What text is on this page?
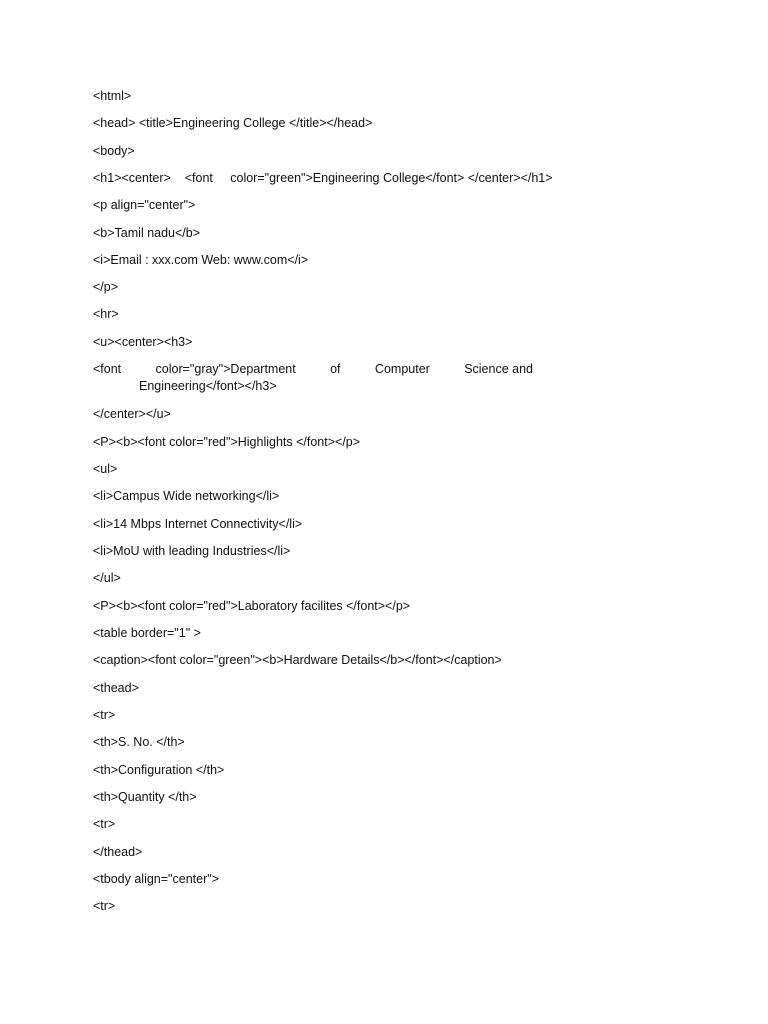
<html>
<head> <title>Engineering College </title></head>
<body>
<h1><center>    <font     color="green">Engineering College</font> </center></h1>
<p align="center">
<b>Tamil nadu</b>
<i>Email : xxx.com Web: www.com</i>
</p>
<hr>
<u><center><h3>
<font	color="gray">Department	of	Computer	Science and
Engineering</font></h3>
</center></u>
<P><b><font color="red">Highlights </font></p>
<ul>
<li>Campus Wide networking</li>
<li>14 Mbps Internet Connectivity</li>
<li>MoU with leading Industries</li>
</ul>
<P><b><font color="red">Laboratory facilites </font></p>
<table border="1" >
<caption><font color="green"><b>Hardware Details</b></font></caption>
<thead>
<tr>
<th>S. No. </th>
<th>Configuration </th>
<th>Quantity </th>
<tr>
</thead>
<tbody align="center">
<tr>
